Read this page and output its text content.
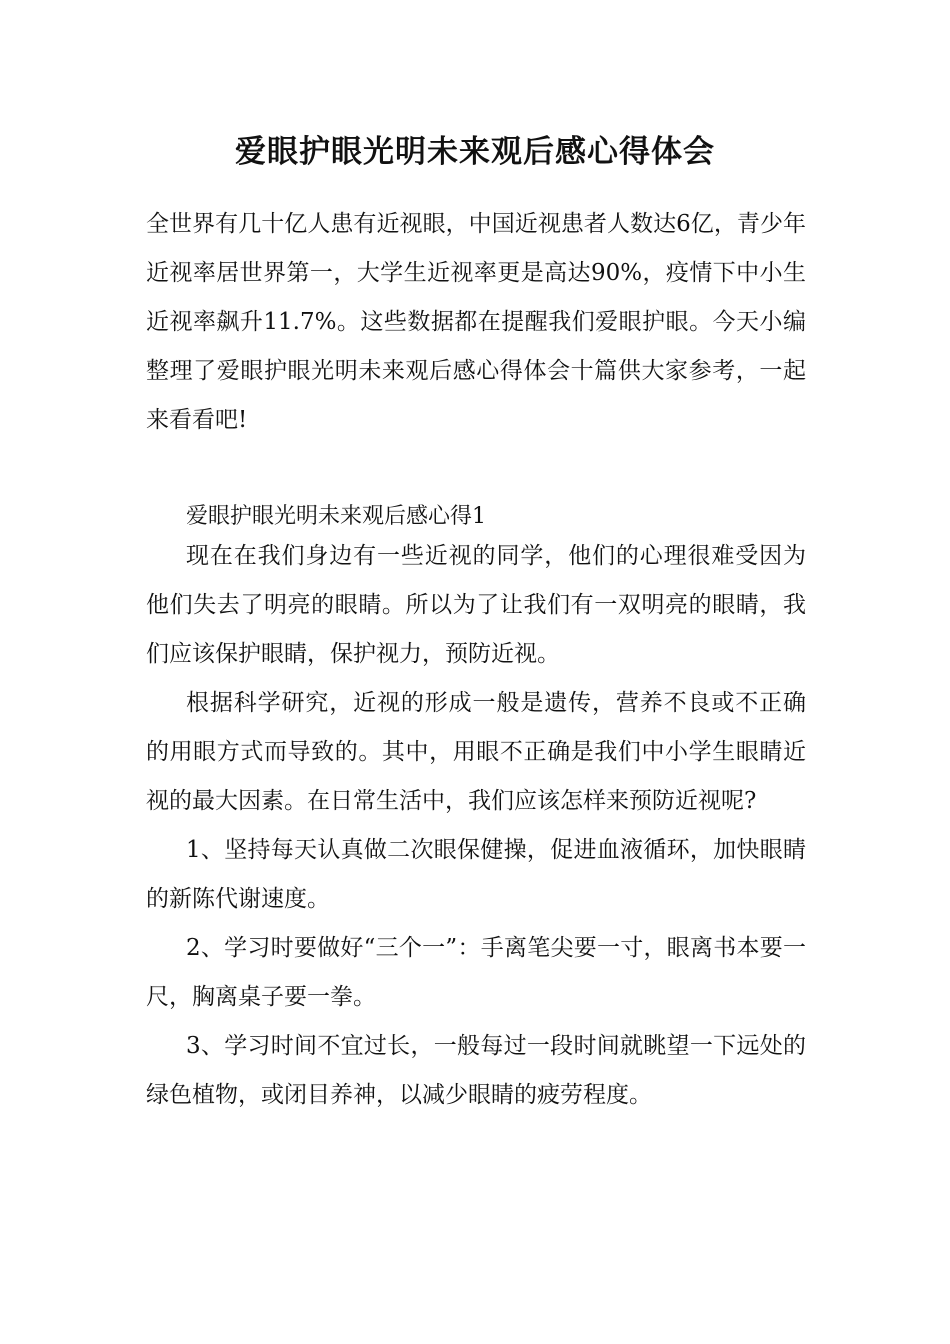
爱眼护眼光明未来观后感心得体会

全世界有几十亿人患有近视眼，中国近视患者人数达6亿，青少年近视率居世界第一，大学生近视率更是高达90%，疫情下中小生近视率飙升11.7%。这些数据都在提醒我们爱眼护眼。今天小编整理了爱眼护眼光明未来观后感心得体会十篇供大家参考，一起来看看吧!

爱眼护眼光明未来观后感心得1

现在在我们身边有一些近视的同学，他们的心理很难受因为他们失去了明亮的眼睛。所以为了让我们有一双明亮的眼睛，我们应该保护眼睛，保护视力，预防近视。

根据科学研究，近视的形成一般是遗传，营养不良或不正确的用眼方式而导致的。其中，用眼不正确是我们中小学生眼睛近视的最大因素。在日常生活中，我们应该怎样来预防近视呢?

1、坚持每天认真做二次眼保健操，促进血液循环，加快眼睛的新陈代谢速度。

2、学习时要做好“三个一”：手离笔尖要一寸，眼离书本要一尺，胸离桌子要一拳。

3、学习时间不宜过长，一般每过一段时间就眺望一下远处的绿色植物，或闭目养神，以减少眼睛的疲劳程度。
